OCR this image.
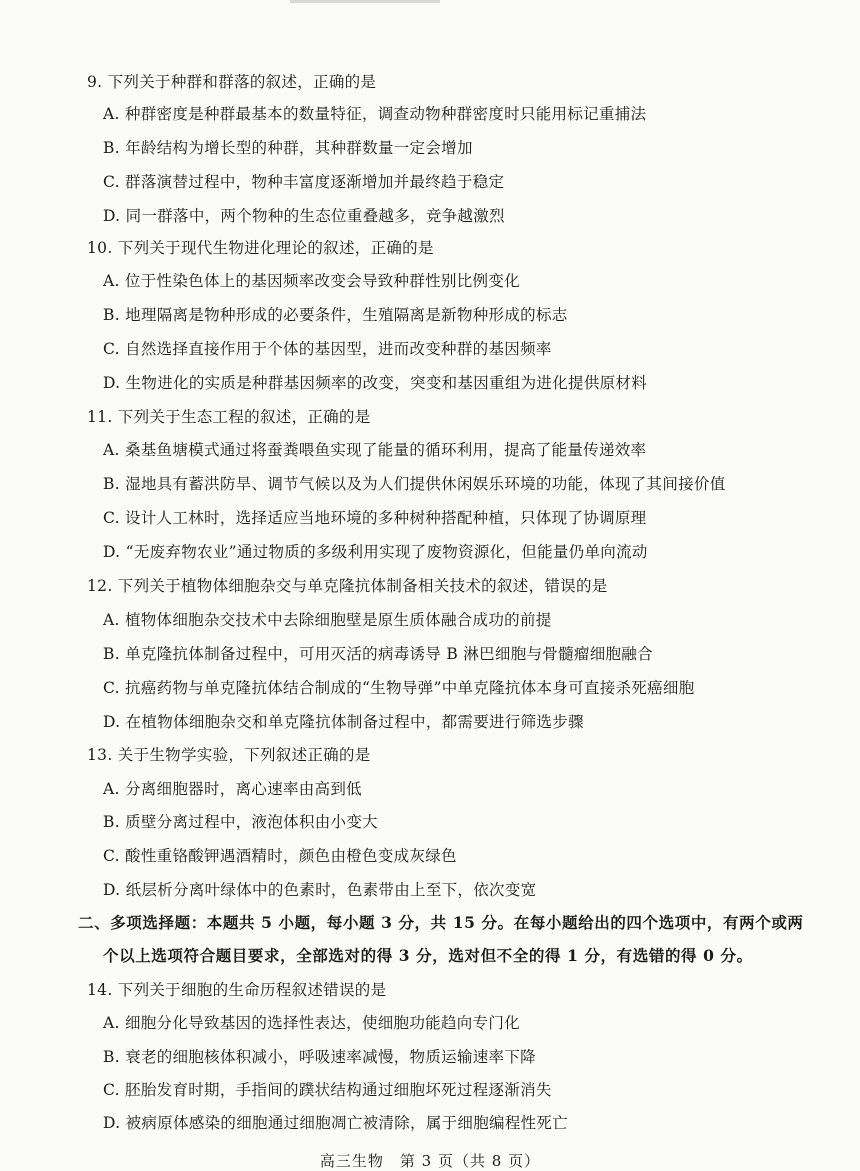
9. 下列关于种群和群落的叙述，正确的是
A. 种群密度是种群最基本的数量特征，调查动物种群密度时只能用标记重捕法
B. 年龄结构为增长型的种群，其种群数量一定会增加
C. 群落演替过程中，物种丰富度逐渐增加并最终趋于稳定
D. 同一群落中，两个物种的生态位重叠越多，竞争越激烈
10. 下列关于现代生物进化理论的叙述，正确的是
A. 位于性染色体上的基因频率改变会导致种群性别比例变化
B. 地理隔离是物种形成的必要条件，生殖隔离是新物种形成的标志
C. 自然选择直接作用于个体的基因型，进而改变种群的基因频率
D. 生物进化的实质是种群基因频率的改变，突变和基因重组为进化提供原材料
11. 下列关于生态工程的叙述，正确的是
A. 桑基鱼塘模式通过将蚕粪喂鱼实现了能量的循环利用，提高了能量传递效率
B. 湿地具有蓄洪防旱、调节气候以及为人们提供休闲娱乐环境的功能，体现了其间接价值
C. 设计人工林时，选择适应当地环境的多种树种搭配种植，只体现了协调原理
D. “无废弃物农业”通过物质的多级利用实现了废物资源化，但能量仍单向流动
12. 下列关于植物体细胞杂交与单克隆抗体制备相关技术的叙述，错误的是
A. 植物体细胞杂交技术中去除细胞壁是原生质体融合成功的前提
B. 单克隆抗体制备过程中，可用灭活的病毒诱导 B 淋巴细胞与骨髓瘤细胞融合
C. 抗癌药物与单克隆抗体结合制成的“生物导弹”中单克隆抗体本身可直接杀死癌细胞
D. 在植物体细胞杂交和单克隆抗体制备过程中，都需要进行筛选步骤
13. 关于生物学实验，下列叙述正确的是
A. 分离细胞器时，离心速率由高到低
B. 质壁分离过程中，液泡体积由小变大
C. 酸性重铬酸钾遇酒精时，颜色由橙色变成灰绿色
D. 纸层析分离叶绿体中的色素时，色素带由上至下，依次变宽
二、多项选择题：本题共 5 小题，每小题 3 分，共 15 分。在每小题给出的四个选项中，有两个或两
个以上选项符合题目要求，全部选对的得 3 分，选对但不全的得 1 分，有选错的得 0 分。
14. 下列关于细胞的生命历程叙述错误的是
A. 细胞分化导致基因的选择性表达，使细胞功能趋向专门化
B. 衰老的细胞核体积减小，呼吸速率减慢，物质运输速率下降
C. 胚胎发育时期，手指间的蹼状结构通过细胞坏死过程逐渐消失
D. 被病原体感染的细胞通过细胞凋亡被清除，属于细胞编程性死亡
高三生物　第 3 页（共 8 页）
